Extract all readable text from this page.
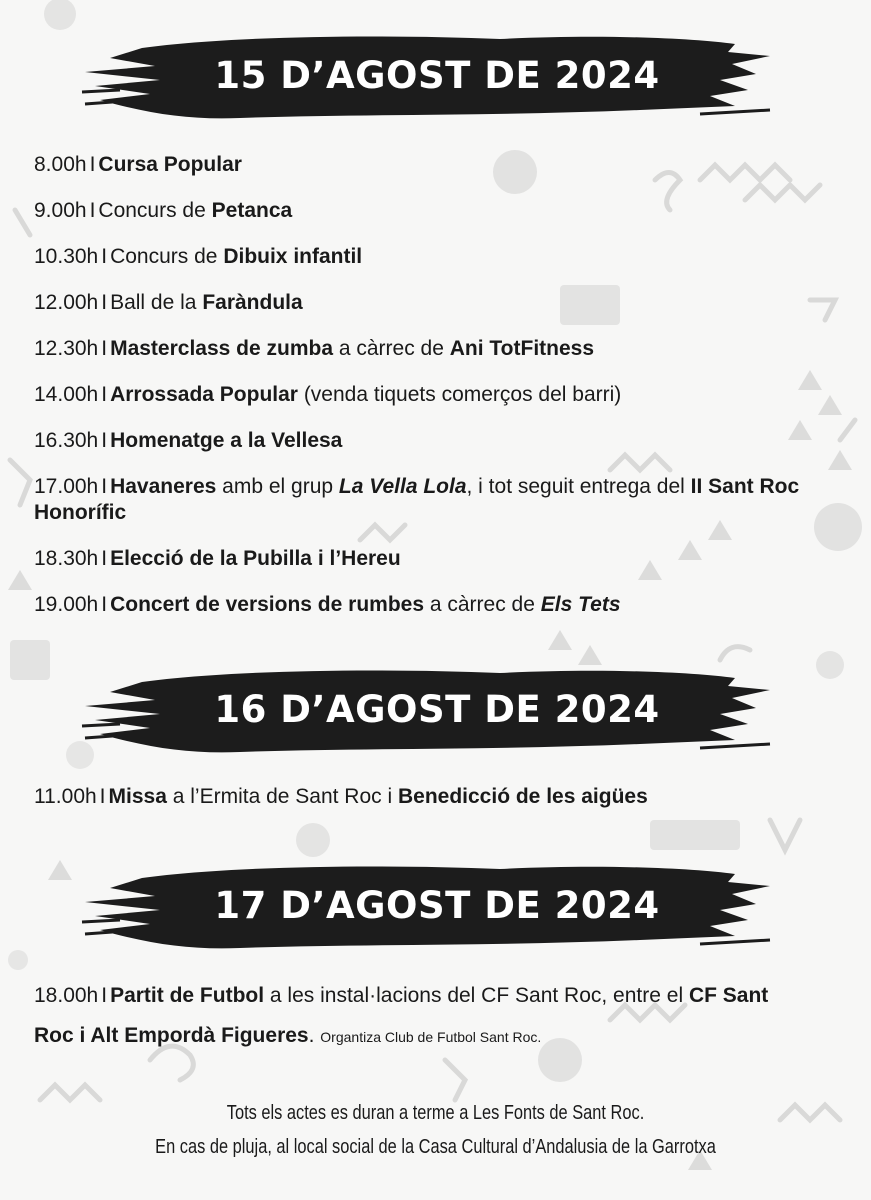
15 D’AGOST DE 2024
8.00h I Cursa Popular
9.00h I Concurs de Petanca
10.30h I Concurs de Dibuix infantil
12.00h I Ball de la Faràndula
12.30h I Masterclass de zumba a càrrec de Ani TotFitness
14.00h I Arrossada Popular (venda tiquets comerços del barri)
16.30h I Homenatge a la Vellesa
17.00h I Havaneres amb el grup La Vella Lola, i tot seguit entrega del II Sant Roc Honorífic
18.30h I Elecció de la Pubilla i l’Hereu
19.00h I Concert de versions de rumbes a càrrec de Els Tets
16 D’AGOST DE 2024
11.00h I Missa a l’Ermita de Sant Roc i Benedicció de les aigües
17 D’AGOST DE 2024
18.00h I Partit de Futbol a les instal·lacions del CF Sant Roc, entre el CF Sant Roc i Alt Empordà Figueres. Organtiza Club de Futbol Sant Roc.
Tots els actes es duran a terme a Les Fonts de Sant Roc.
En cas de pluja, al local social de la Casa Cultural d’Andalusia de la Garrotxa
